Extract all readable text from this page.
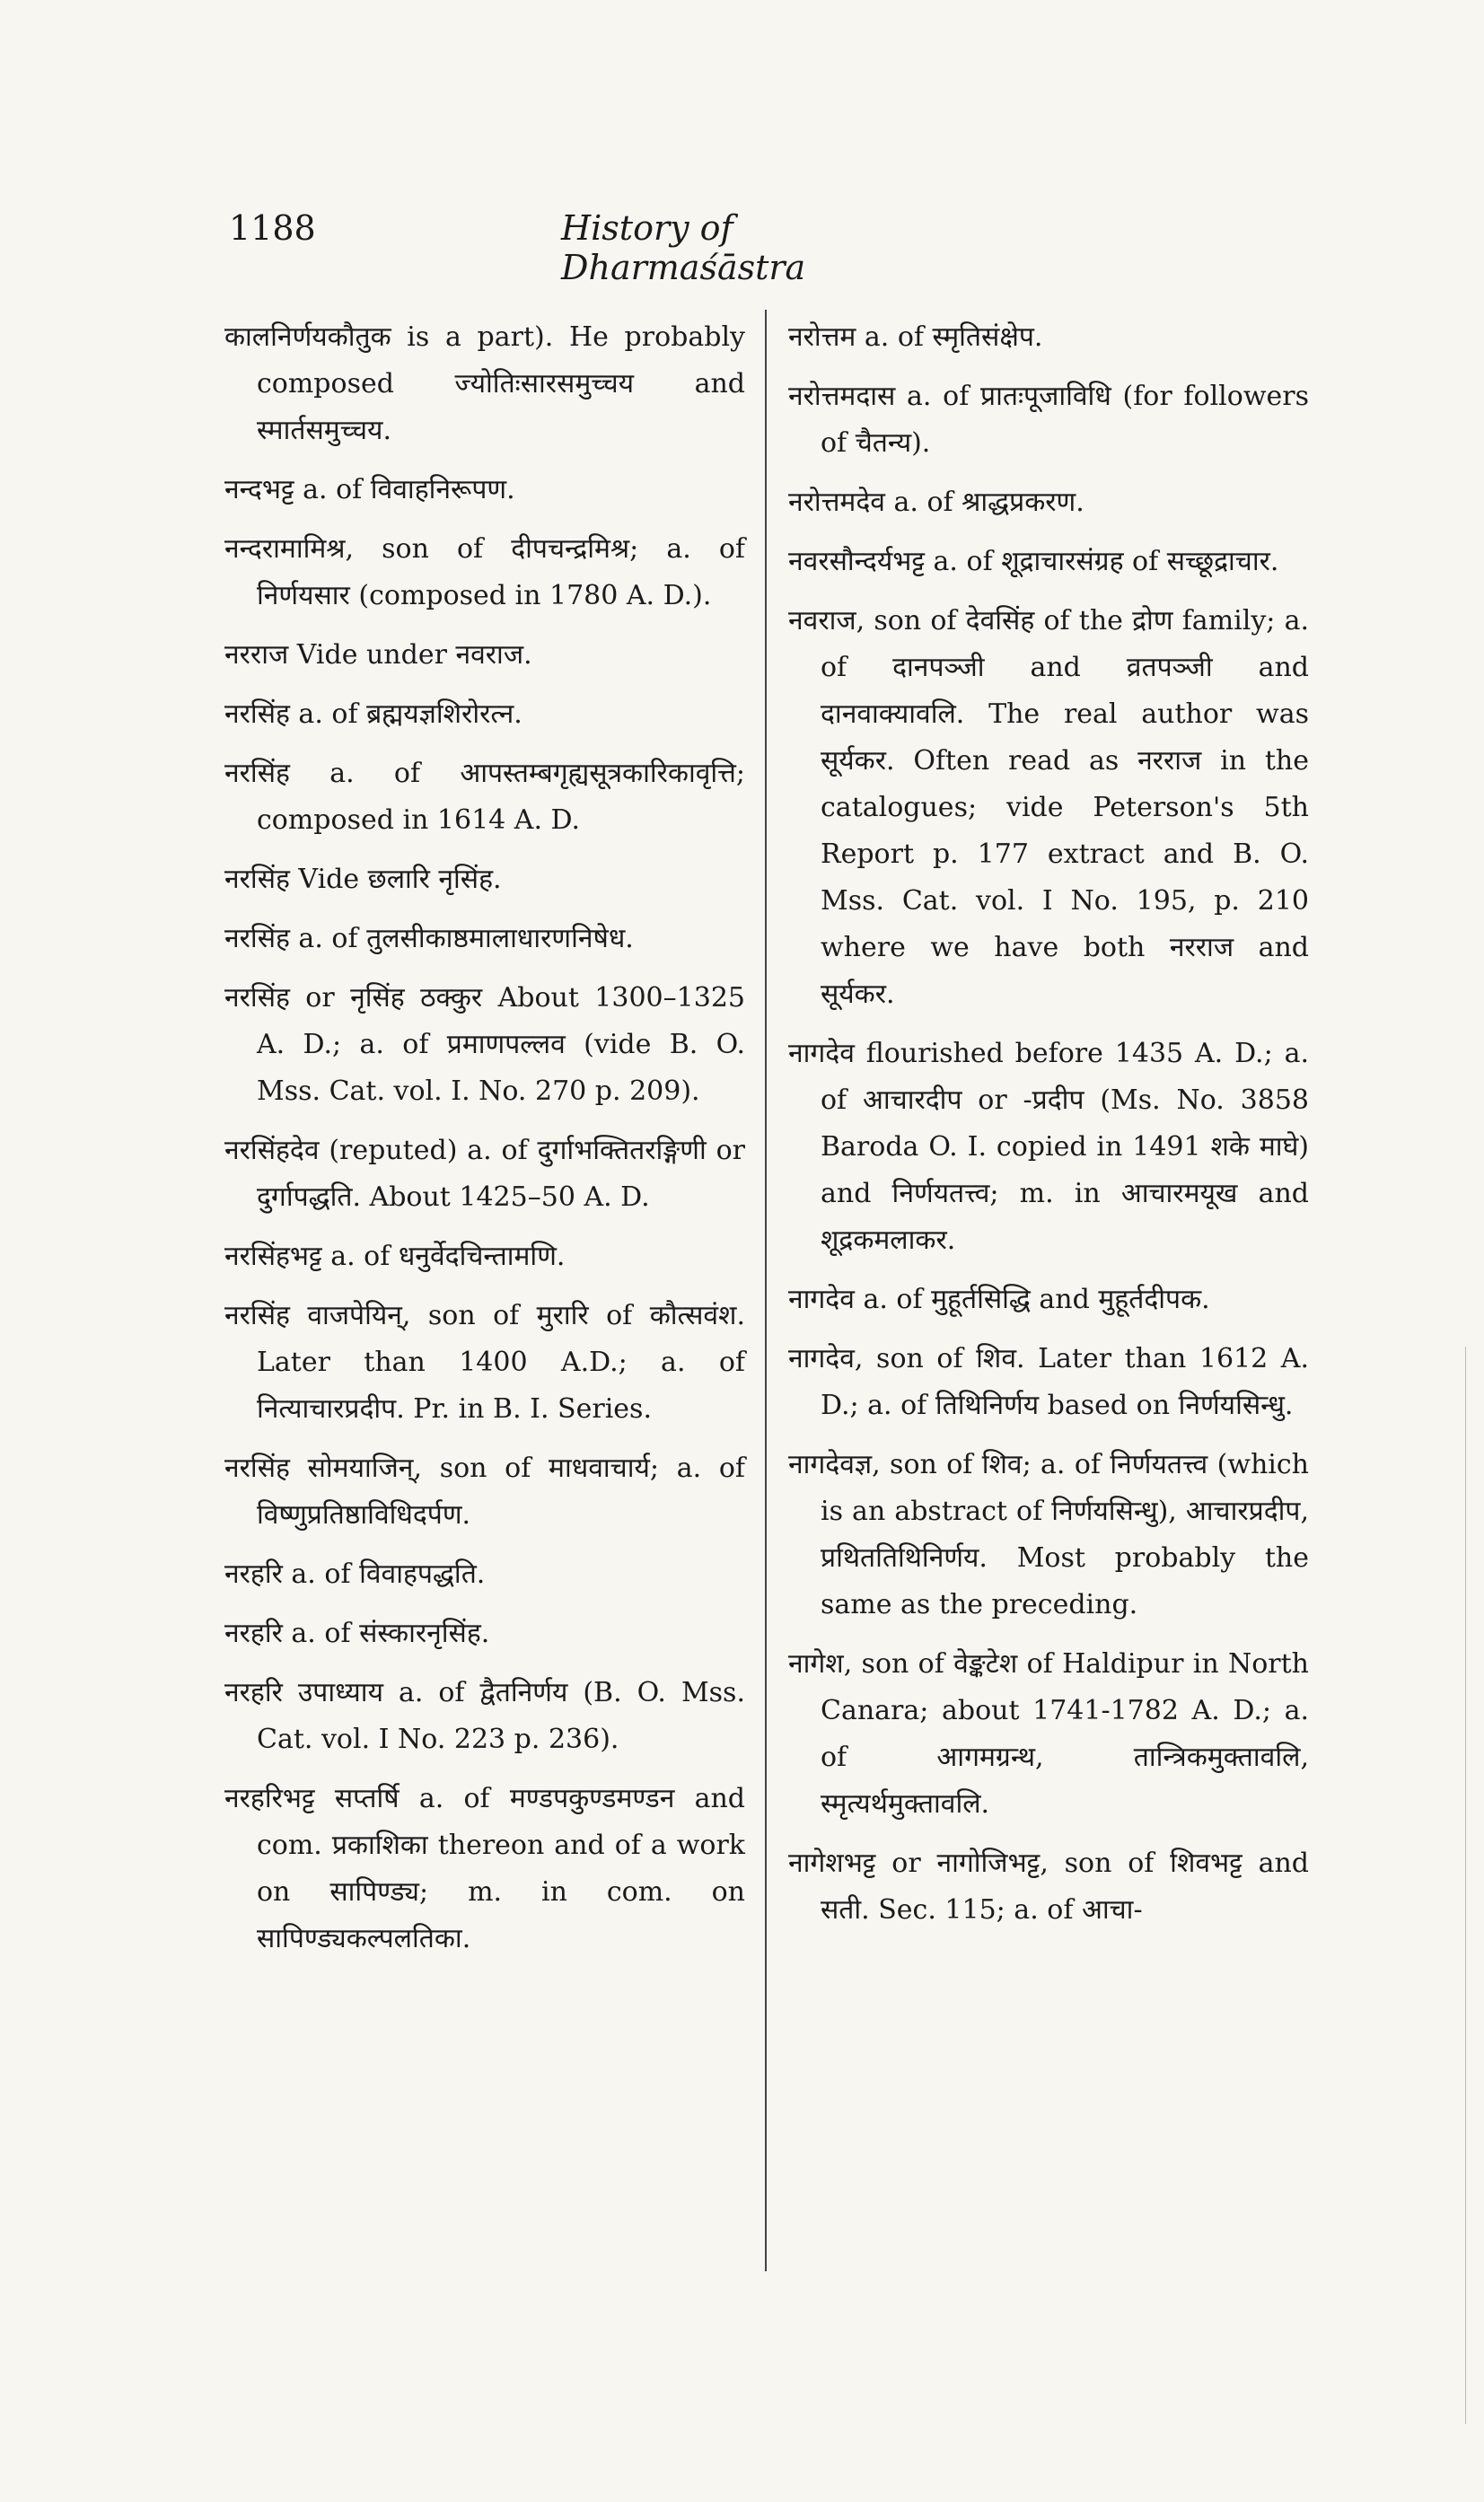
1188	History of Dharmaśāstra

कालनिर्णयकौतुक is a part). He probably composed ज्योतिःसारसमुच्चय and स्मार्तसमुच्चय.

नन्दभट्ट a. of विवाहनिरूपण.

नन्दरामामिश्र, son of दीपचन्द्रमिश्र; a. of निर्णयसार (composed in 1780 A. D.).

नरराज Vide under नवराज.

नरसिंह a. of ब्रह्मयज्ञशिरोरत्न.

नरसिंह a. of आपस्तम्बगृह्यसूत्रकारिकावृत्ति; composed in 1614 A. D.

नरसिंह Vide छलारि नृसिंह.

नरसिंह a. of तुलसीकाष्ठमालाधारणनिषेध.

नरसिंह or नृसिंह ठक्कुर About 1300–1325 A. D.; a. of प्रमाणपल्लव (vide B. O. Mss. Cat. vol. I. No. 270 p. 209).

नरसिंहदेव (reputed) a. of दुर्गाभक्तितरङ्गिणी or दुर्गापद्धति. About 1425–50 A. D.

नरसिंहभट्ट a. of धनुर्वेदचिन्तामणि.

नरसिंह वाजपेयिन्, son of मुरारि of कौत्सवंश. Later than 1400 A.D.; a. of नित्याचारप्रदीप. Pr. in B. I. Series.

नरसिंह सोमयाजिन्, son of माधवाचार्य; a. of विष्णुप्रतिष्ठाविधिदर्पण.

नरहरि a. of विवाहपद्धति.

नरहरि a. of संस्कारनृसिंह.

नरहरि उपाध्याय a. of द्वैतनिर्णय (B. O. Mss. Cat. vol. I No. 223 p. 236).

नरहरिभट्ट सप्तर्षि a. of मण्डपकुण्डमण्डन and com. प्रकाशिका thereon and of a work on सापिण्ड्य; m. in com. on सापिण्ड्यकल्पलतिका.

नरोत्तम a. of स्मृतिसंक्षेप.

नरोत्तमदास a. of प्रातःपूजाविधि (for followers of चैतन्य).

नरोत्तमदेव a. of श्राद्धप्रकरण.

नवरसौन्दर्यभट्ट a. of शूद्राचारसंग्रह of सच्छूद्राचार.

नवराज, son of देवसिंह of the द्रोण family; a. of दानपञ्जी and व्रतपञ्जी and दानवाक्यावलि. The real author was सूर्यकर. Often read as नरराज in the catalogues; vide Peterson's 5th Report p. 177 extract and B. O. Mss. Cat. vol. I No. 195, p. 210 where we have both नरराज and सूर्यकर.

नागदेव flourished before 1435 A. D.; a. of आचारदीप or -प्रदीप (Ms. No. 3858 Baroda O. I. copied in 1491 शके माघे) and निर्णयतत्त्व; m. in आचारमयूख and शूद्रकमलाकर.

नागदेव a. of मुहूर्तसिद्धि and मुहूर्तदीपक.

नागदेव, son of शिव. Later than 1612 A. D.; a. of तिथिनिर्णय based on निर्णयसिन्धु.

नागदेवज्ञ, son of शिव; a. of निर्णयतत्त्व (which is an abstract of निर्णयसिन्धु), आचारप्रदीप, प्रथिततिथिनिर्णय. Most probably the same as the preceding.

नागेश, son of वेङ्कटेश of Haldipur in North Canara; about 1741-1782 A. D.; a. of आगमग्रन्थ, तान्त्रिकमुक्तावलि, स्मृत्यर्थमुक्तावलि.

नागेशभट्ट or नागोजिभट्ट, son of शिवभट्ट and सती. Sec. 115; a. of आचा-
